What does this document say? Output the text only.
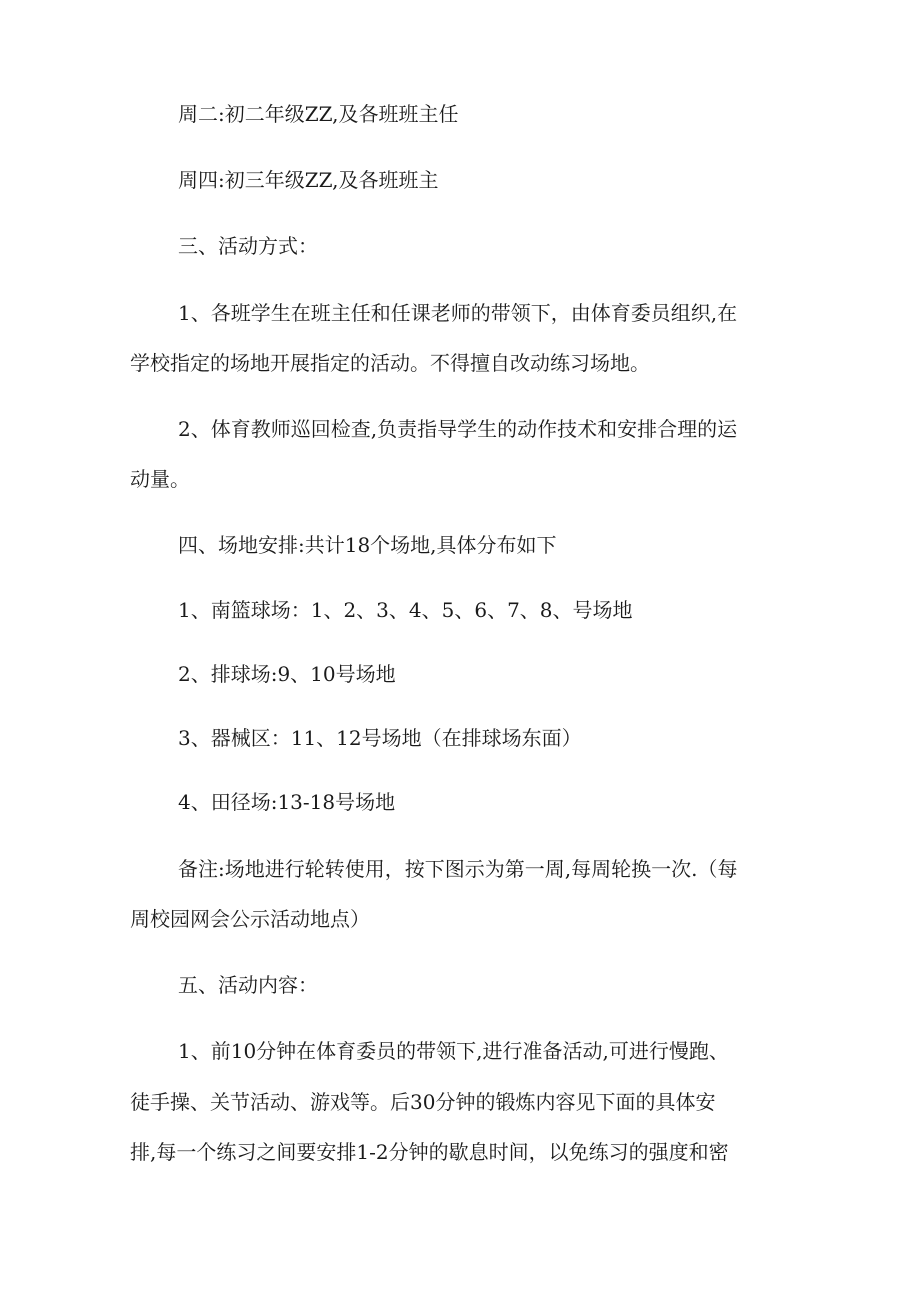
周二:初二年级ZZ,及各班班主任
周四:初三年级ZZ,及各班班主
三、活动方式：
1、各班学生在班主任和任课老师的带领下，由体育委员组织,在
学校指定的场地开展指定的活动。不得擅自改动练习场地。
2、体育教师巡回检查,负责指导学生的动作技术和安排合理的运
动量。
四、场地安排:共计18个场地,具体分布如下
1、南篮球场：1、2、3、4、5、6、7、8、号场地
2、排球场:9、10号场地
3、器械区：11、12号场地（在排球场东面）
4、田径场:13-18号场地
备注:场地进行轮转使用，按下图示为第一周,每周轮换一次.（每
周校园网会公示活动地点）
五、活动内容：
1、前10分钟在体育委员的带领下,进行准备活动,可进行慢跑、
徒手操、关节活动、游戏等。后30分钟的锻炼内容见下面的具体安
排,每一个练习之间要安排1-2分钟的歇息时间，以免练习的强度和密
